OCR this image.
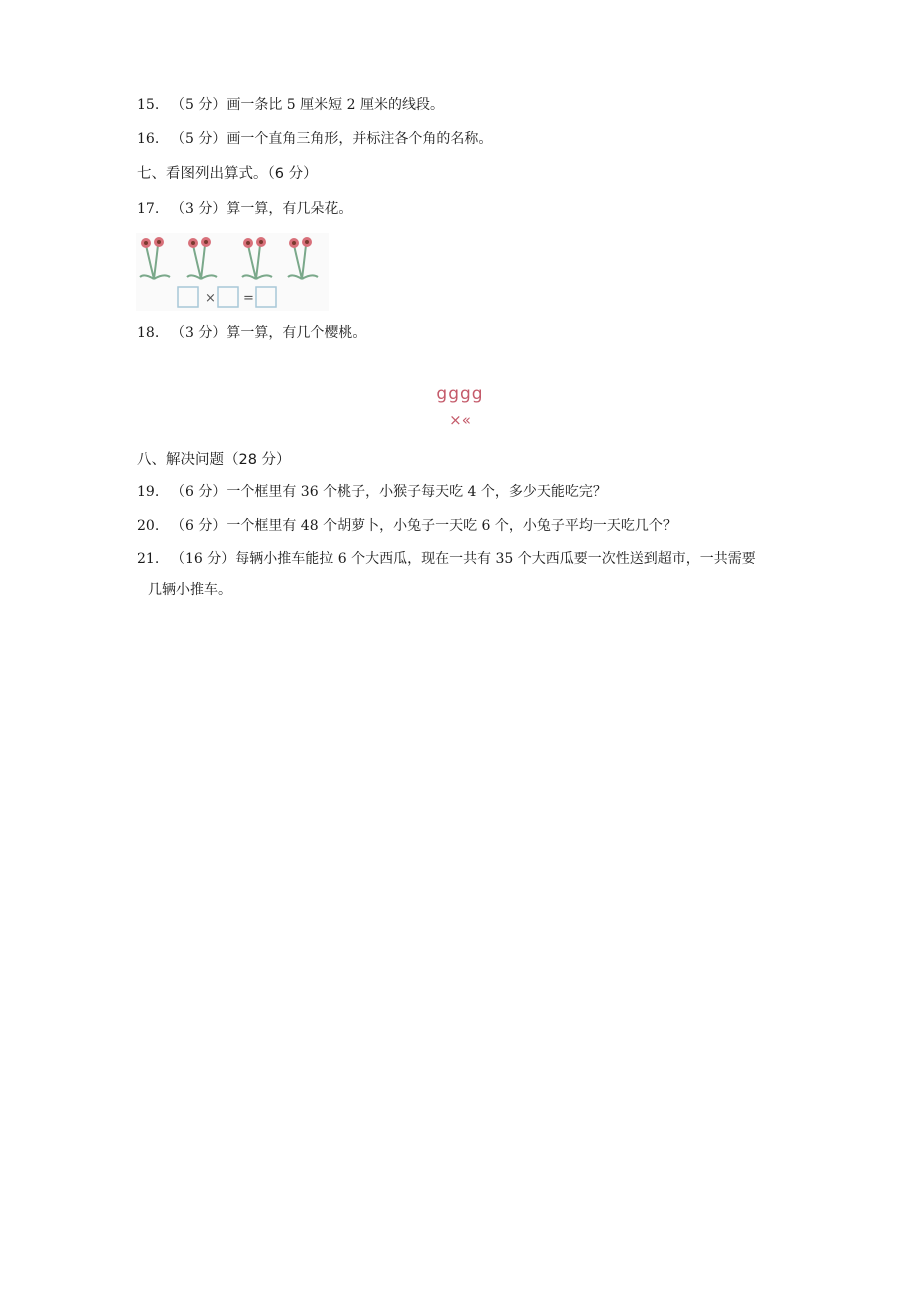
15. （5 分）画一条比 5 厘米短 2 厘米的线段。
16. （5 分）画一个直角三角形，并标注各个角的名称。
七、看图列出算式。（6 分）
17. （3 分）算一算，有几朵花。
× =
18. （3 分）算一算，有几个樱桃。
gggg
×«
八、解决问题（28 分）
19. （6 分）一个框里有 36 个桃子，小猴子每天吃 4 个，多少天能吃完？
20. （6 分）一个框里有 48 个胡萝卜，小兔子一天吃 6 个，小兔子平均一天吃几个？
21. （16 分）每辆小推车能拉 6 个大西瓜，现在一共有 35 个大西瓜要一次性送到超市，一共需要
几辆小推车。
